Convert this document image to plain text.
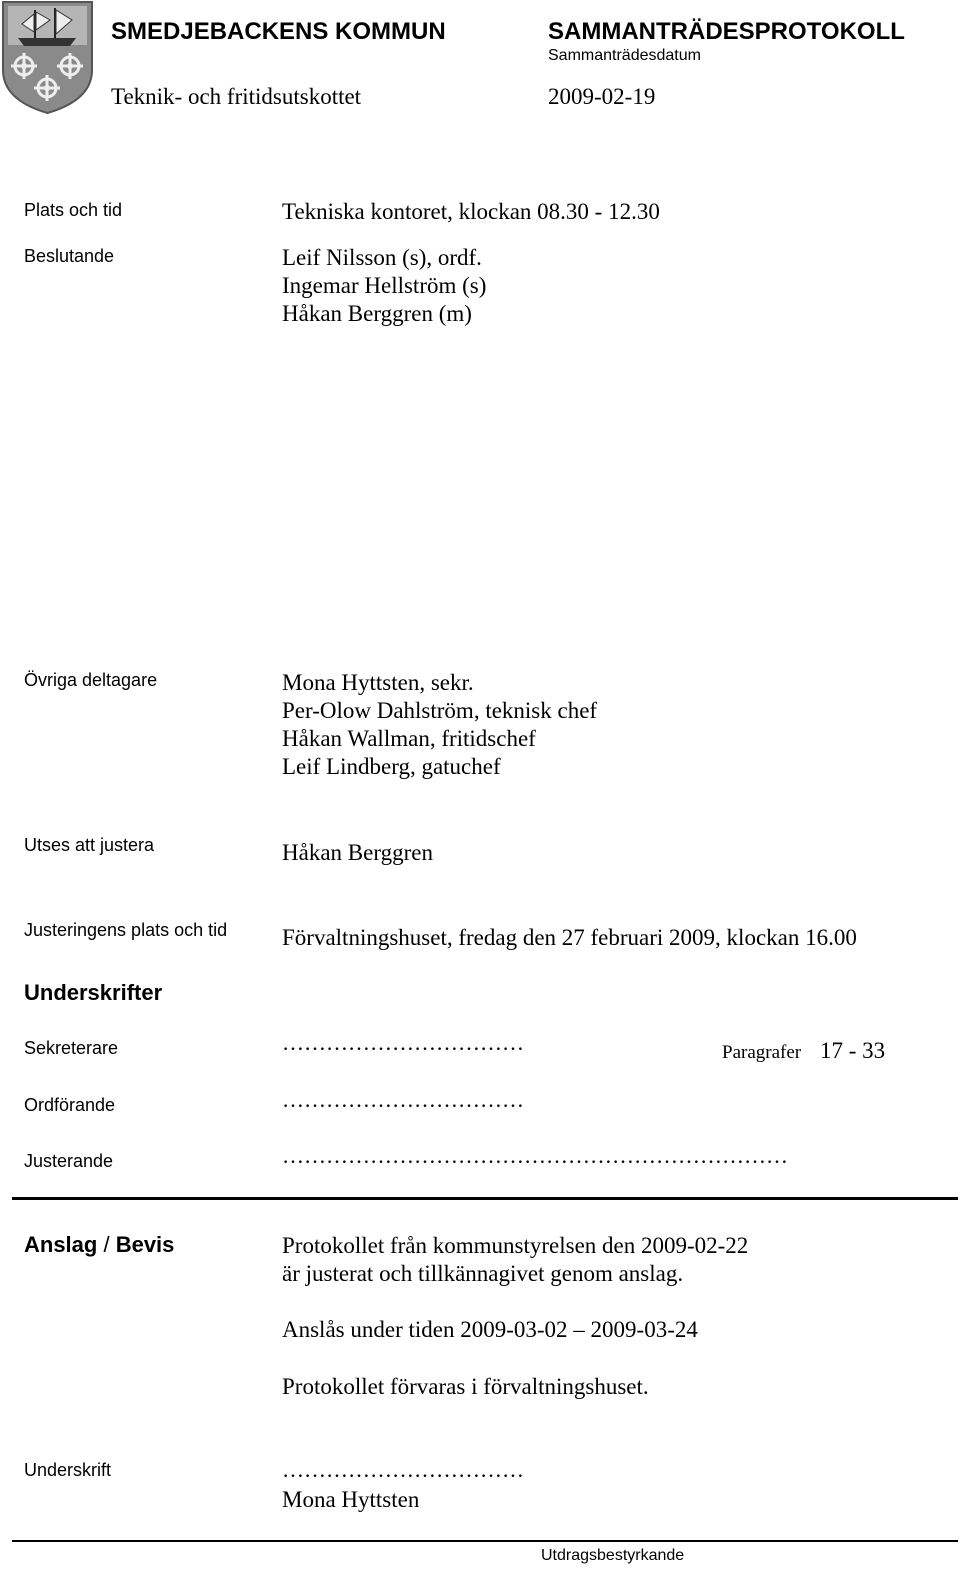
SMEDJEBACKENS KOMMUN	SAMMANTRÄDESPROTOKOLL
Sammanträdesdatum
Teknik- och fritidsutskottet	2009-02-19
Plats och tid	Tekniska kontoret, klockan 08.30 - 12.30
Beslutande	Leif Nilsson (s), ordf.
Ingemar Hellström (s)
Håkan Berggren (m)
Övriga deltagare	Mona Hyttsten, sekr.
Per-Olow Dahlström, teknisk chef
Håkan Wallman, fritidschef
Leif Lindberg, gatuchef
Utses att justera	Håkan Berggren
Justeringens plats och tid Förvaltningshuset, fredag den 27 februari 2009, klockan 16.00
Underskrifter
Sekreterare	……………………………	Paragrafer 17 - 33
Ordförande	……………………………
Justerande	……………………………………………………………
Anslag / Bevis	Protokollet från kommunstyrelsen den 2009-02-22
är justerat och tillkännagivet genom anslag.
Anslås under tiden 2009-03-02 – 2009-03-24
Protokollet förvaras i förvaltningshuset.
Underskrift	……………………………
Mona Hyttsten
Utdragsbestyrkande
